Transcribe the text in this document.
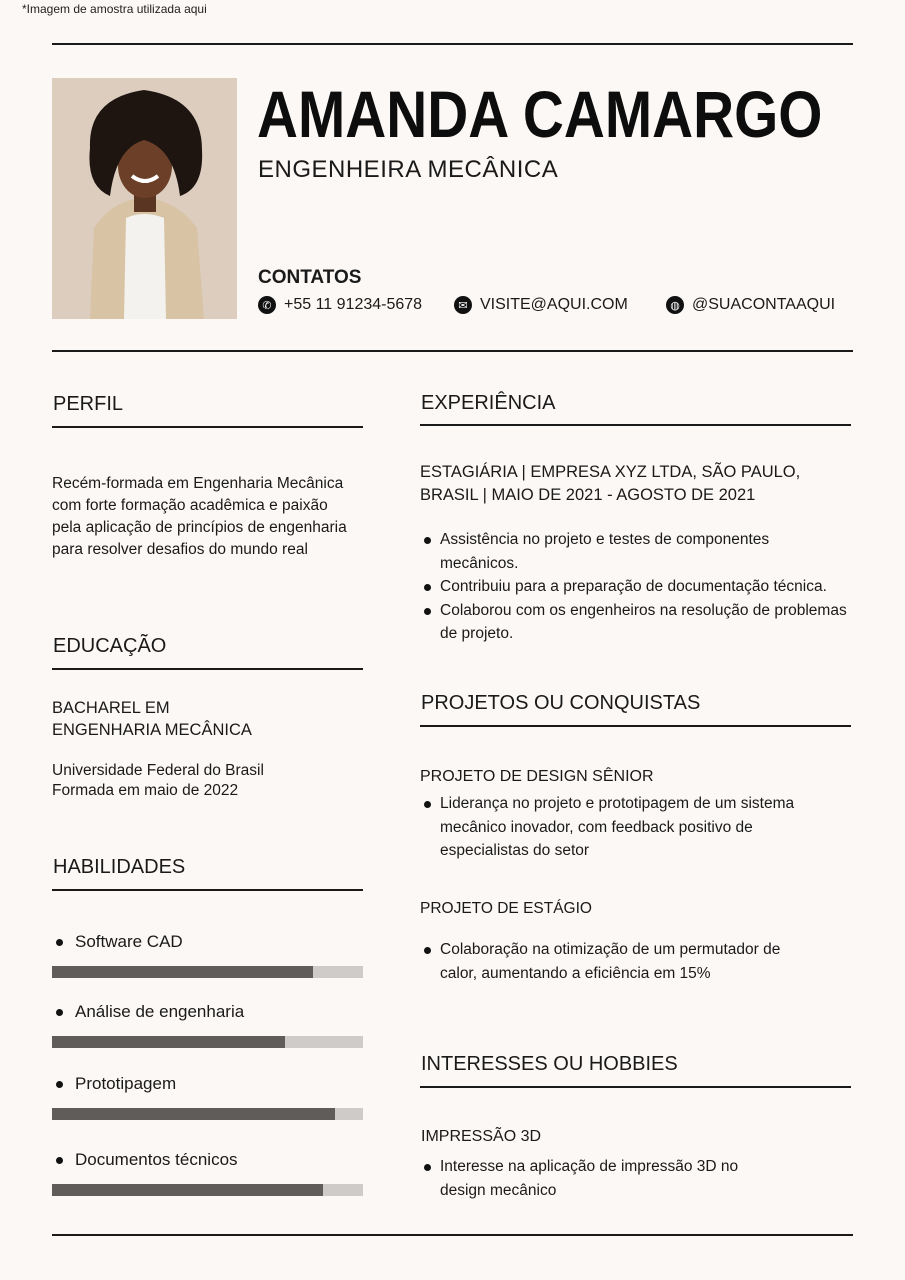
*Imagem de amostra utilizada aqui
AMANDA CAMARGO
ENGENHEIRA MECÂNICA
CONTATOS
✆ +55 11 91234-5678	✉ VISITE@AQUI.COM	◍ @SUACONTAAQUI
PERFIL
Recém-formada em Engenharia Mecânica com forte formação acadêmica e paixão pela aplicação de princípios de engenharia para resolver desafios do mundo real
EDUCAÇÃO
BACHAREL EM
ENGENHARIA MECÂNICA
Universidade Federal do Brasil
Formada em maio de 2022
HABILIDADES
Software CAD
Análise de engenharia
Prototipagem
Documentos técnicos
EXPERIÊNCIA
ESTAGIÁRIA | EMPRESA XYZ LTDA, SÃO PAULO,
BRASIL | MAIO DE 2021 - AGOSTO DE 2021
Assistência no projeto e testes de componentes mecânicos.
Contribuiu para a preparação de documentação técnica.
Colaborou com os engenheiros na resolução de problemas de projeto.
PROJETOS OU CONQUISTAS
PROJETO DE DESIGN SÊNIOR
Liderança no projeto e prototipagem de um sistema mecânico inovador, com feedback positivo de especialistas do setor
PROJETO DE ESTÁGIO
Colaboração na otimização de um permutador de calor, aumentando a eficiência em 15%
INTERESSES OU HOBBIES
IMPRESSÃO 3D
Interesse na aplicação de impressão 3D no design mecânico
